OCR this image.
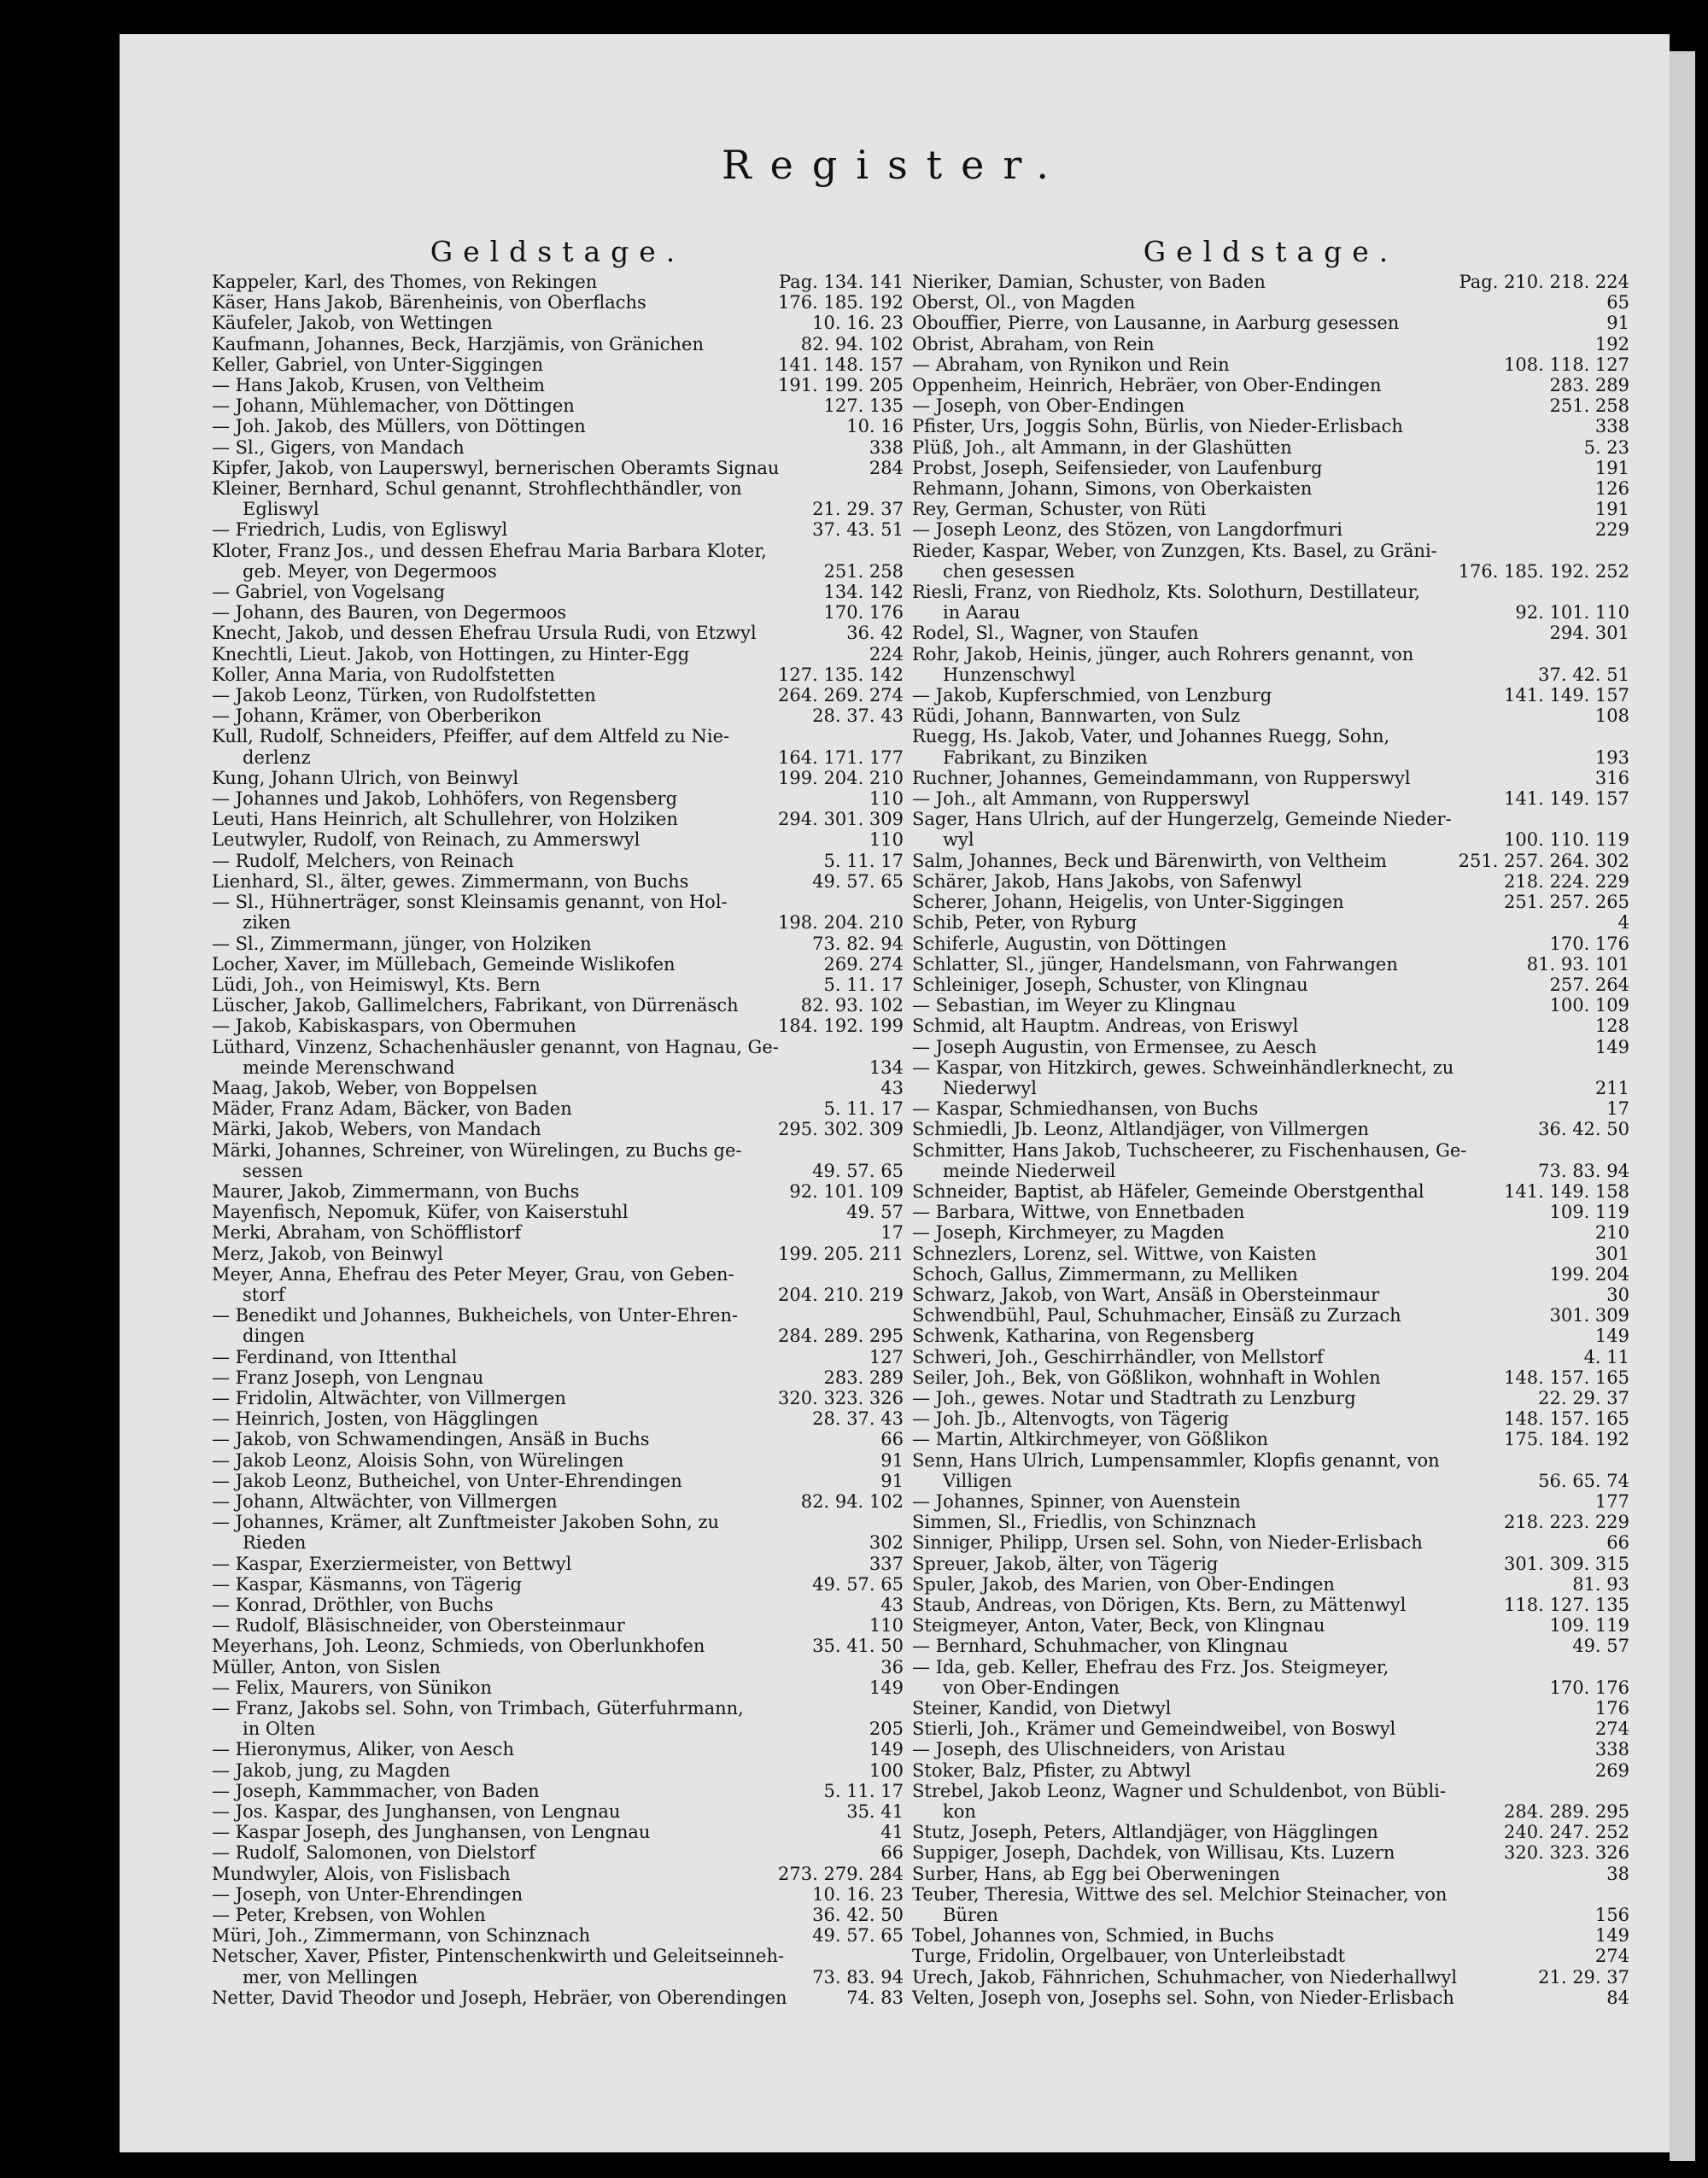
Register.
Geldstage.
Kappeler, Karl, des Thomes, von Rekingen	Pag. 134. 141
Käser, Hans Jakob, Bärenheinis, von Oberflachs	176. 185. 192
Käufeler, Jakob, von Wettingen	10. 16. 23
Kaufmann, Johannes, Beck, Harzjämis, von Gränichen	82. 94. 102
Keller, Gabriel, von Unter-Siggingen	141. 148. 157
— Hans Jakob, Krusen, von Veltheim	191. 199. 205
— Johann, Mühlemacher, von Döttingen	127. 135
— Joh. Jakob, des Müllers, von Döttingen	10. 16
— Sl., Gigers, von Mandach	338
Kipfer, Jakob, von Lauperswyl, bernerischen Oberamts Signau	284
Kleiner, Bernhard, Schul genannt, Strohflechthändler, von
Egliswyl	21. 29. 37
— Friedrich, Ludis, von Egliswyl	37. 43. 51
Kloter, Franz Jos., und dessen Ehefrau Maria Barbara Kloter,
geb. Meyer, von Degermoos	251. 258
— Gabriel, von Vogelsang	134. 142
— Johann, des Bauren, von Degermoos	170. 176
Knecht, Jakob, und dessen Ehefrau Ursula Rudi, von Etzwyl	36. 42
Knechtli, Lieut. Jakob, von Hottingen, zu Hinter-Egg	224
Koller, Anna Maria, von Rudolfstetten	127. 135. 142
— Jakob Leonz, Türken, von Rudolfstetten	264. 269. 274
— Johann, Krämer, von Oberberikon	28. 37. 43
Kull, Rudolf, Schneiders, Pfeiffer, auf dem Altfeld zu Nie-
derlenz	164. 171. 177
Kung, Johann Ulrich, von Beinwyl	199. 204. 210
— Johannes und Jakob, Lohhöfers, von Regensberg	110
Leuti, Hans Heinrich, alt Schullehrer, von Holziken	294. 301. 309
Leutwyler, Rudolf, von Reinach, zu Ammerswyl	110
— Rudolf, Melchers, von Reinach	5. 11. 17
Lienhard, Sl., älter, gewes. Zimmermann, von Buchs	49. 57. 65
— Sl., Hühnerträger, sonst Kleinsamis genannt, von Hol-
ziken	198. 204. 210
— Sl., Zimmermann, jünger, von Holziken	73. 82. 94
Locher, Xaver, im Müllebach, Gemeinde Wislikofen	269. 274
Lüdi, Joh., von Heimiswyl, Kts. Bern	5. 11. 17
Lüscher, Jakob, Gallimelchers, Fabrikant, von Dürrenäsch	82. 93. 102
— Jakob, Kabiskaspars, von Obermuhen	184. 192. 199
Lüthard, Vinzenz, Schachenhäusler genannt, von Hagnau, Ge-
meinde Merenschwand	134
Maag, Jakob, Weber, von Boppelsen	43
Mäder, Franz Adam, Bäcker, von Baden	5. 11. 17
Märki, Jakob, Webers, von Mandach	295. 302. 309
Märki, Johannes, Schreiner, von Würelingen, zu Buchs ge-
sessen	49. 57. 65
Maurer, Jakob, Zimmermann, von Buchs	92. 101. 109
Mayenfisch, Nepomuk, Küfer, von Kaiserstuhl	49. 57
Merki, Abraham, von Schöfflistorf	17
Merz, Jakob, von Beinwyl	199. 205. 211
Meyer, Anna, Ehefrau des Peter Meyer, Grau, von Geben-
storf	204. 210. 219
— Benedikt und Johannes, Bukheichels, von Unter-Ehren-
dingen	284. 289. 295
— Ferdinand, von Ittenthal	127
— Franz Joseph, von Lengnau	283. 289
— Fridolin, Altwächter, von Villmergen	320. 323. 326
— Heinrich, Josten, von Hägglingen	28. 37. 43
— Jakob, von Schwamendingen, Ansäß in Buchs	66
— Jakob Leonz, Aloisis Sohn, von Würelingen	91
— Jakob Leonz, Butheichel, von Unter-Ehrendingen	91
— Johann, Altwächter, von Villmergen	82. 94. 102
— Johannes, Krämer, alt Zunftmeister Jakoben Sohn, zu
Rieden	302
— Kaspar, Exerziermeister, von Bettwyl	337
— Kaspar, Käsmanns, von Tägerig	49. 57. 65
— Konrad, Dröthler, von Buchs	43
— Rudolf, Bläsischneider, von Obersteinmaur	110
Meyerhans, Joh. Leonz, Schmieds, von Oberlunkhofen	35. 41. 50
Müller, Anton, von Sislen	36
— Felix, Maurers, von Sünikon	149
— Franz, Jakobs sel. Sohn, von Trimbach, Güterfuhrmann,
in Olten	205
— Hieronymus, Aliker, von Aesch	149
— Jakob, jung, zu Magden	100
— Joseph, Kammmacher, von Baden	5. 11. 17
— Jos. Kaspar, des Junghansen, von Lengnau	35. 41
— Kaspar Joseph, des Junghansen, von Lengnau	41
— Rudolf, Salomonen, von Dielstorf	66
Mundwyler, Alois, von Fislisbach	273. 279. 284
— Joseph, von Unter-Ehrendingen	10. 16. 23
— Peter, Krebsen, von Wohlen	36. 42. 50
Müri, Joh., Zimmermann, von Schinznach	49. 57. 65
Netscher, Xaver, Pfister, Pintenschenkwirth und Geleitseinneh-
mer, von Mellingen	73. 83. 94
Netter, David Theodor und Joseph, Hebräer, von Oberendingen	74. 83
Geldstage.
Nieriker, Damian, Schuster, von Baden	Pag. 210. 218. 224
Oberst, Ol., von Magden	65
Obouffier, Pierre, von Lausanne, in Aarburg gesessen	91
Obrist, Abraham, von Rein	192
— Abraham, von Rynikon und Rein	108. 118. 127
Oppenheim, Heinrich, Hebräer, von Ober-Endingen	283. 289
— Joseph, von Ober-Endingen	251. 258
Pfister, Urs, Joggis Sohn, Bürlis, von Nieder-Erlisbach	338
Plüß, Joh., alt Ammann, in der Glashütten	5. 23
Probst, Joseph, Seifensieder, von Laufenburg	191
Rehmann, Johann, Simons, von Oberkaisten	126
Rey, German, Schuster, von Rüti	191
— Joseph Leonz, des Stözen, von Langdorfmuri	229
Rieder, Kaspar, Weber, von Zunzgen, Kts. Basel, zu Gräni-
chen gesessen	176. 185. 192. 252
Riesli, Franz, von Riedholz, Kts. Solothurn, Destillateur,
in Aarau	92. 101. 110
Rodel, Sl., Wagner, von Staufen	294. 301
Rohr, Jakob, Heinis, jünger, auch Rohrers genannt, von
Hunzenschwyl	37. 42. 51
— Jakob, Kupferschmied, von Lenzburg	141. 149. 157
Rüdi, Johann, Bannwarten, von Sulz	108
Ruegg, Hs. Jakob, Vater, und Johannes Ruegg, Sohn,
Fabrikant, zu Binziken	193
Ruchner, Johannes, Gemeindammann, von Rupperswyl	316
— Joh., alt Ammann, von Rupperswyl	141. 149. 157
Sager, Hans Ulrich, auf der Hungerzelg, Gemeinde Nieder-
wyl	100. 110. 119
Salm, Johannes, Beck und Bärenwirth, von Veltheim	251. 257. 264. 302
Schärer, Jakob, Hans Jakobs, von Safenwyl	218. 224. 229
Scherer, Johann, Heigelis, von Unter-Siggingen	251. 257. 265
Schib, Peter, von Ryburg	4
Schiferle, Augustin, von Döttingen	170. 176
Schlatter, Sl., jünger, Handelsmann, von Fahrwangen	81. 93. 101
Schleiniger, Joseph, Schuster, von Klingnau	257. 264
— Sebastian, im Weyer zu Klingnau	100. 109
Schmid, alt Hauptm. Andreas, von Eriswyl	128
— Joseph Augustin, von Ermensee, zu Aesch	149
— Kaspar, von Hitzkirch, gewes. Schweinhändlerknecht, zu
Niederwyl	211
— Kaspar, Schmiedhansen, von Buchs	17
Schmiedli, Jb. Leonz, Altlandjäger, von Villmergen	36. 42. 50
Schmitter, Hans Jakob, Tuchscheerer, zu Fischenhausen, Ge-
meinde Niederweil	73. 83. 94
Schneider, Baptist, ab Häfeler, Gemeinde Oberstgenthal	141. 149. 158
— Barbara, Wittwe, von Ennetbaden	109. 119
— Joseph, Kirchmeyer, zu Magden	210
Schnezlers, Lorenz, sel. Wittwe, von Kaisten	301
Schoch, Gallus, Zimmermann, zu Melliken	199. 204
Schwarz, Jakob, von Wart, Ansäß in Obersteinmaur	30
Schwendbühl, Paul, Schuhmacher, Einsäß zu Zurzach	301. 309
Schwenk, Katharina, von Regensberg	149
Schweri, Joh., Geschirrhändler, von Mellstorf	4. 11
Seiler, Joh., Bek, von Gößlikon, wohnhaft in Wohlen	148. 157. 165
— Joh., gewes. Notar und Stadtrath zu Lenzburg	22. 29. 37
— Joh. Jb., Altenvogts, von Tägerig	148. 157. 165
— Martin, Altkirchmeyer, von Gößlikon	175. 184. 192
Senn, Hans Ulrich, Lumpensammler, Klopfis genannt, von
Villigen	56. 65. 74
— Johannes, Spinner, von Auenstein	177
Simmen, Sl., Friedlis, von Schinznach	218. 223. 229
Sinniger, Philipp, Ursen sel. Sohn, von Nieder-Erlisbach	66
Spreuer, Jakob, älter, von Tägerig	301. 309. 315
Spuler, Jakob, des Marien, von Ober-Endingen	81. 93
Staub, Andreas, von Dörigen, Kts. Bern, zu Mättenwyl	118. 127. 135
Steigmeyer, Anton, Vater, Beck, von Klingnau	109. 119
— Bernhard, Schuhmacher, von Klingnau	49. 57
— Ida, geb. Keller, Ehefrau des Frz. Jos. Steigmeyer,
von Ober-Endingen	170. 176
Steiner, Kandid, von Dietwyl	176
Stierli, Joh., Krämer und Gemeindweibel, von Boswyl	274
— Joseph, des Ulischneiders, von Aristau	338
Stoker, Balz, Pfister, zu Abtwyl	269
Strebel, Jakob Leonz, Wagner und Schuldenbot, von Bübli-
kon	284. 289. 295
Stutz, Joseph, Peters, Altlandjäger, von Hägglingen	240. 247. 252
Suppiger, Joseph, Dachdek, von Willisau, Kts. Luzern	320. 323. 326
Surber, Hans, ab Egg bei Oberweningen	38
Teuber, Theresia, Wittwe des sel. Melchior Steinacher, von
Büren	156
Tobel, Johannes von, Schmied, in Buchs	149
Turge, Fridolin, Orgelbauer, von Unterleibstadt	274
Urech, Jakob, Fähnrichen, Schuhmacher, von Niederhallwyl	21. 29. 37
Velten, Joseph von, Josephs sel. Sohn, von Nieder-Erlisbach	84
